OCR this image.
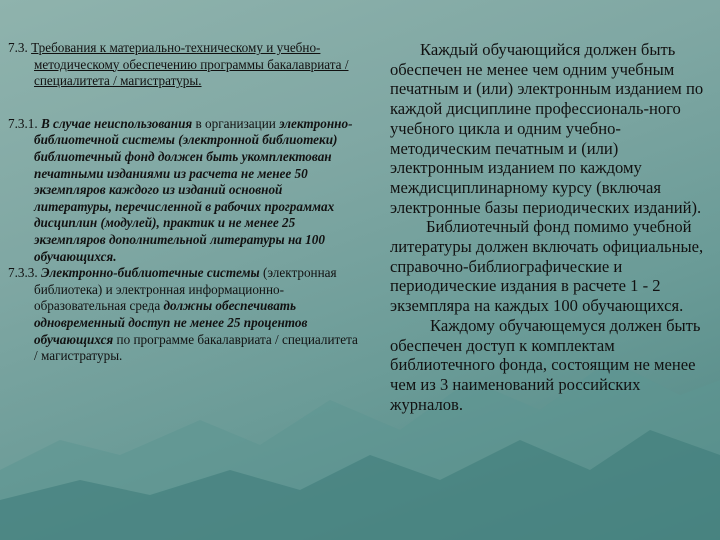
7.3. Требования к материально-техническому и учебно-методическому обеспечению программы бакалавриата / специалитета / магистратуры.

7.3.1. В случае неиспользования в организации электронно-библиотечной системы (электронной библиотеки) библиотечный фонд должен быть укомплектован печатными изданиями из расчета не менее 50 экземпляров каждого из изданий основной литературы, перечисленной в рабочих программах дисциплин (модулей), практик и не менее 25 экземпляров дополнительной литературы на 100 обучающихся.

7.3.3. Электронно-библиотечные системы (электронная библиотека) и электронная информационно-образовательная среда должны обеспечивать одновременный доступ не менее 25 процентов обучающихся по программе бакалавриата / специалитета / магистратуры.

Каждый обучающийся должен быть обеспечен не менее чем одним учебным печатным и (или) электронным изданием по каждой дисциплине профессиональ-ного учебного цикла и одним учебно-методическим печатным и (или) электронным изданием по каждому междисциплинарному курсу (включая электронные базы периодических изданий).

Библиотечный фонд помимо учебной литературы должен включать официальные, справочно-библиографические и периодические издания в расчете 1 - 2 экземпляра на каждых 100 обучающихся.

Каждому обучающемуся должен быть обеспечен доступ к комплектам библиотечного фонда, состоящим не менее чем из 3 наименований российских журналов.
